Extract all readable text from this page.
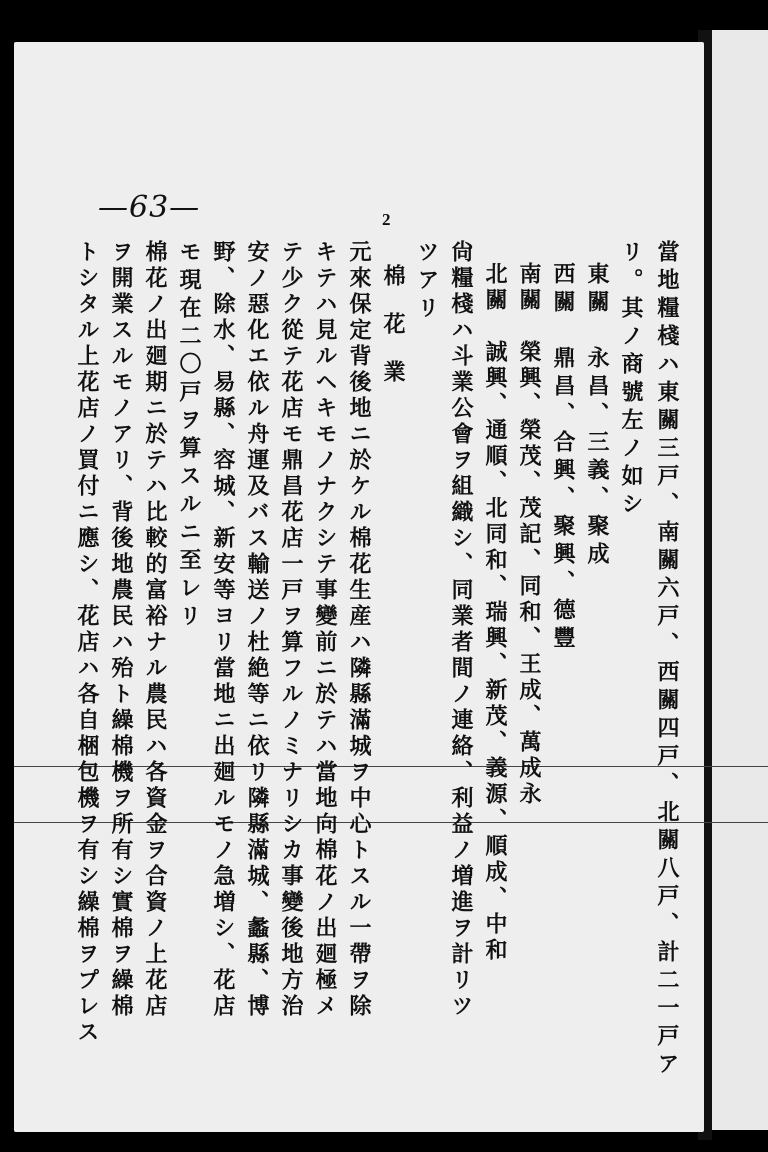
—63—	2
當地糧棧ハ東關三戸、南關六戸、西關四戸、北關八戸、計二一戸ア
リ。其ノ商號左ノ如シ
東關　永昌、三義、聚成
西關　鼎昌、合興、聚興、德豐
南關　榮興、榮茂、茂記、同和、王成、萬成永
北關　誠興、通順、北同和、瑞興、新茂、義源、順成、中和
尙糧棧ハ斗業公會ヲ組織シ、同業者間ノ連絡、利益ノ増進ヲ計リツ
ツアリ
棉花業
元來保定背後地ニ於ケル棉花生産ハ隣縣滿城ヲ中心トスル一帶ヲ除
キテハ見ルヘキモノナクシテ事變前ニ於テハ當地向棉花ノ出廻極メ
テ少ク從テ花店モ鼎昌花店一戸ヲ算フルノミナリシカ事變後地方治
安ノ惡化エ依ル舟運及バス輸送ノ杜絶等ニ依リ隣縣滿城、蠡縣、博
野、除水、易縣、容城、新安等ヨリ當地ニ出廻ルモノ急増シ、花店
モ現在二〇戸ヲ算スルニ至レリ
棉花ノ出廻期ニ於テハ比較的富裕ナル農民ハ各資金ヲ合資ノ上花店
ヲ開業スルモノアリ、背後地農民ハ殆ト繰棉機ヲ所有シ實棉ヲ繰棉
トシタル上花店ノ買付ニ應シ、花店ハ各自梱包機ヲ有シ繰棉ヲプレス
